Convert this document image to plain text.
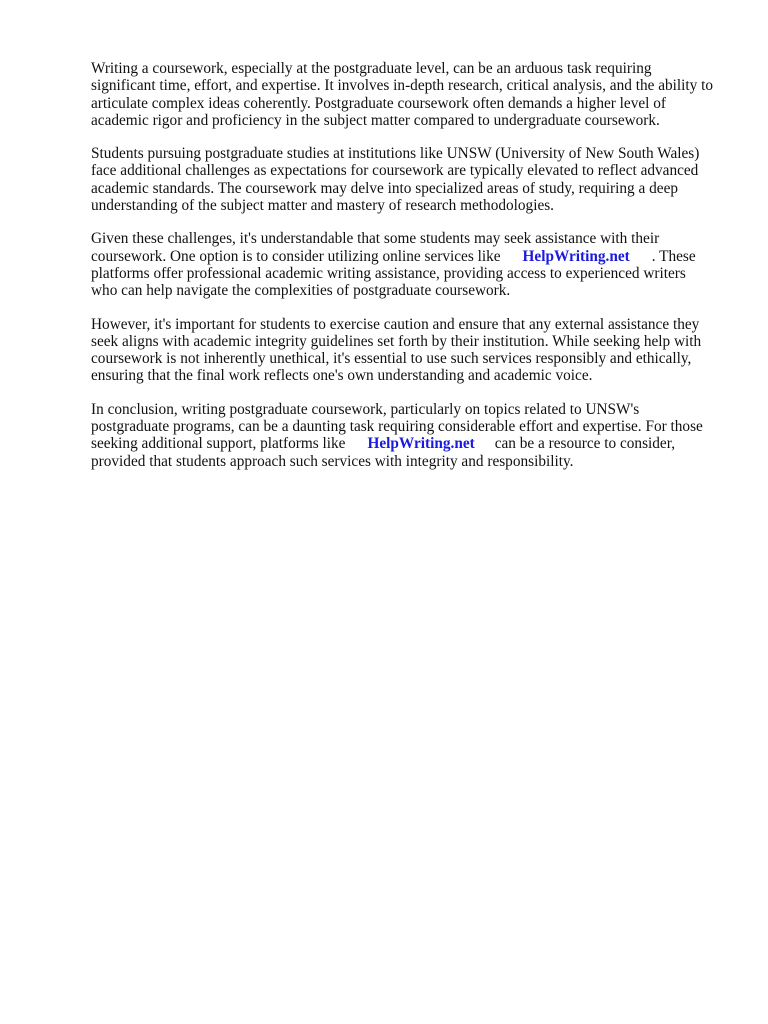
Writing a coursework, especially at the postgraduate level, can be an arduous task requiring
significant time, effort, and expertise. It involves in-depth research, critical analysis, and the ability to
articulate complex ideas coherently. Postgraduate coursework often demands a higher level of
academic rigor and proficiency in the subject matter compared to undergraduate coursework.

Students pursuing postgraduate studies at institutions like UNSW (University of New South Wales)
face additional challenges as expectations for coursework are typically elevated to reflect advanced
academic standards. The coursework may delve into specialized areas of study, requiring a deep
understanding of the subject matter and mastery of research methodologies.

Given these challenges, it's understandable that some students may seek assistance with their
coursework. One option is to consider utilizing online services like HelpWriting.net . These
platforms offer professional academic writing assistance, providing access to experienced writers
who can help navigate the complexities of postgraduate coursework.

However, it's important for students to exercise caution and ensure that any external assistance they
seek aligns with academic integrity guidelines set forth by their institution. While seeking help with
coursework is not inherently unethical, it's essential to use such services responsibly and ethically,
ensuring that the final work reflects one's own understanding and academic voice.

In conclusion, writing postgraduate coursework, particularly on topics related to UNSW's
postgraduate programs, can be a daunting task requiring considerable effort and expertise. For those
seeking additional support, platforms like HelpWriting.net can be a resource to consider,
provided that students approach such services with integrity and responsibility.
